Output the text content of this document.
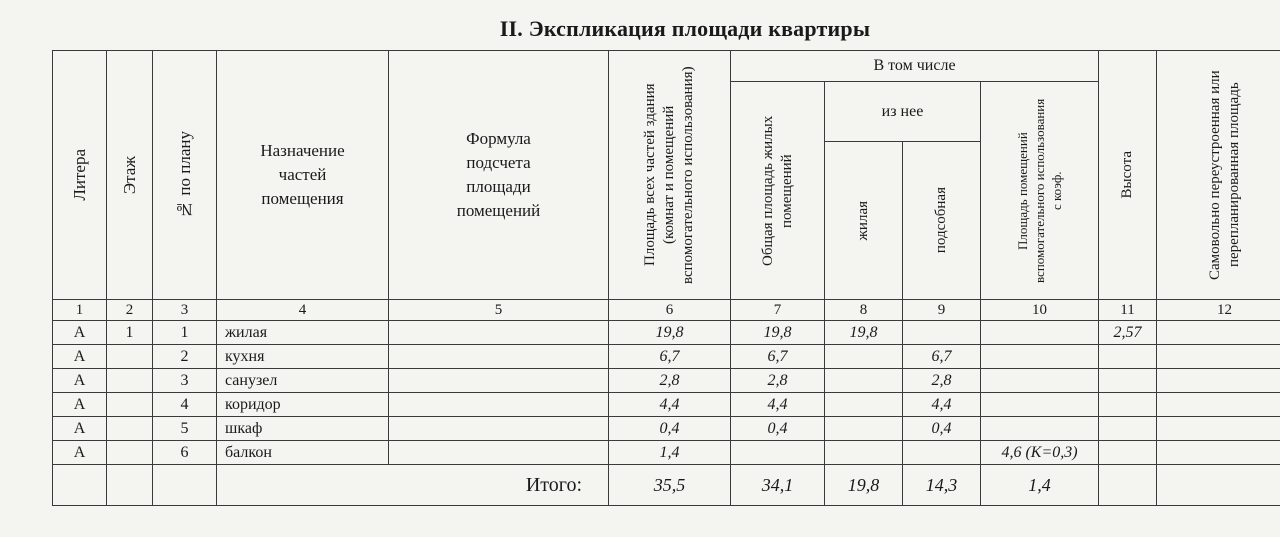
II. Экспликация площади квартиры
Литера	Этаж	№ по плану	Назначение частей помещения	Формула подсчета площади помещений	Площадь всех частей здания (комнат и помещений вспомогательного использования)	В том числе				Высота	Самовольно переустроенная или перепланированная площадь

						Общая площадь жилых помещений	из нее		Площадь помещений вспомогательного использования с коэф.		

							жилая	подсобная			

1	2	3	4	5	6	7	8	9	10	11	12
А	1	1	жилая		19,8	19,8	19,8			2,57	
А		2	кухня		6,7	6,7		6,7			
А		3	санузел		2,8	2,8		2,8			
А		4	коридор		4,4	4,4		4,4			
А		5	шкаф		0,4	0,4		0,4			
А		6	балкон		1,4				4,6 (K=0,3)		
			Итого:		35,5	34,1	19,8	14,3	1,4		
